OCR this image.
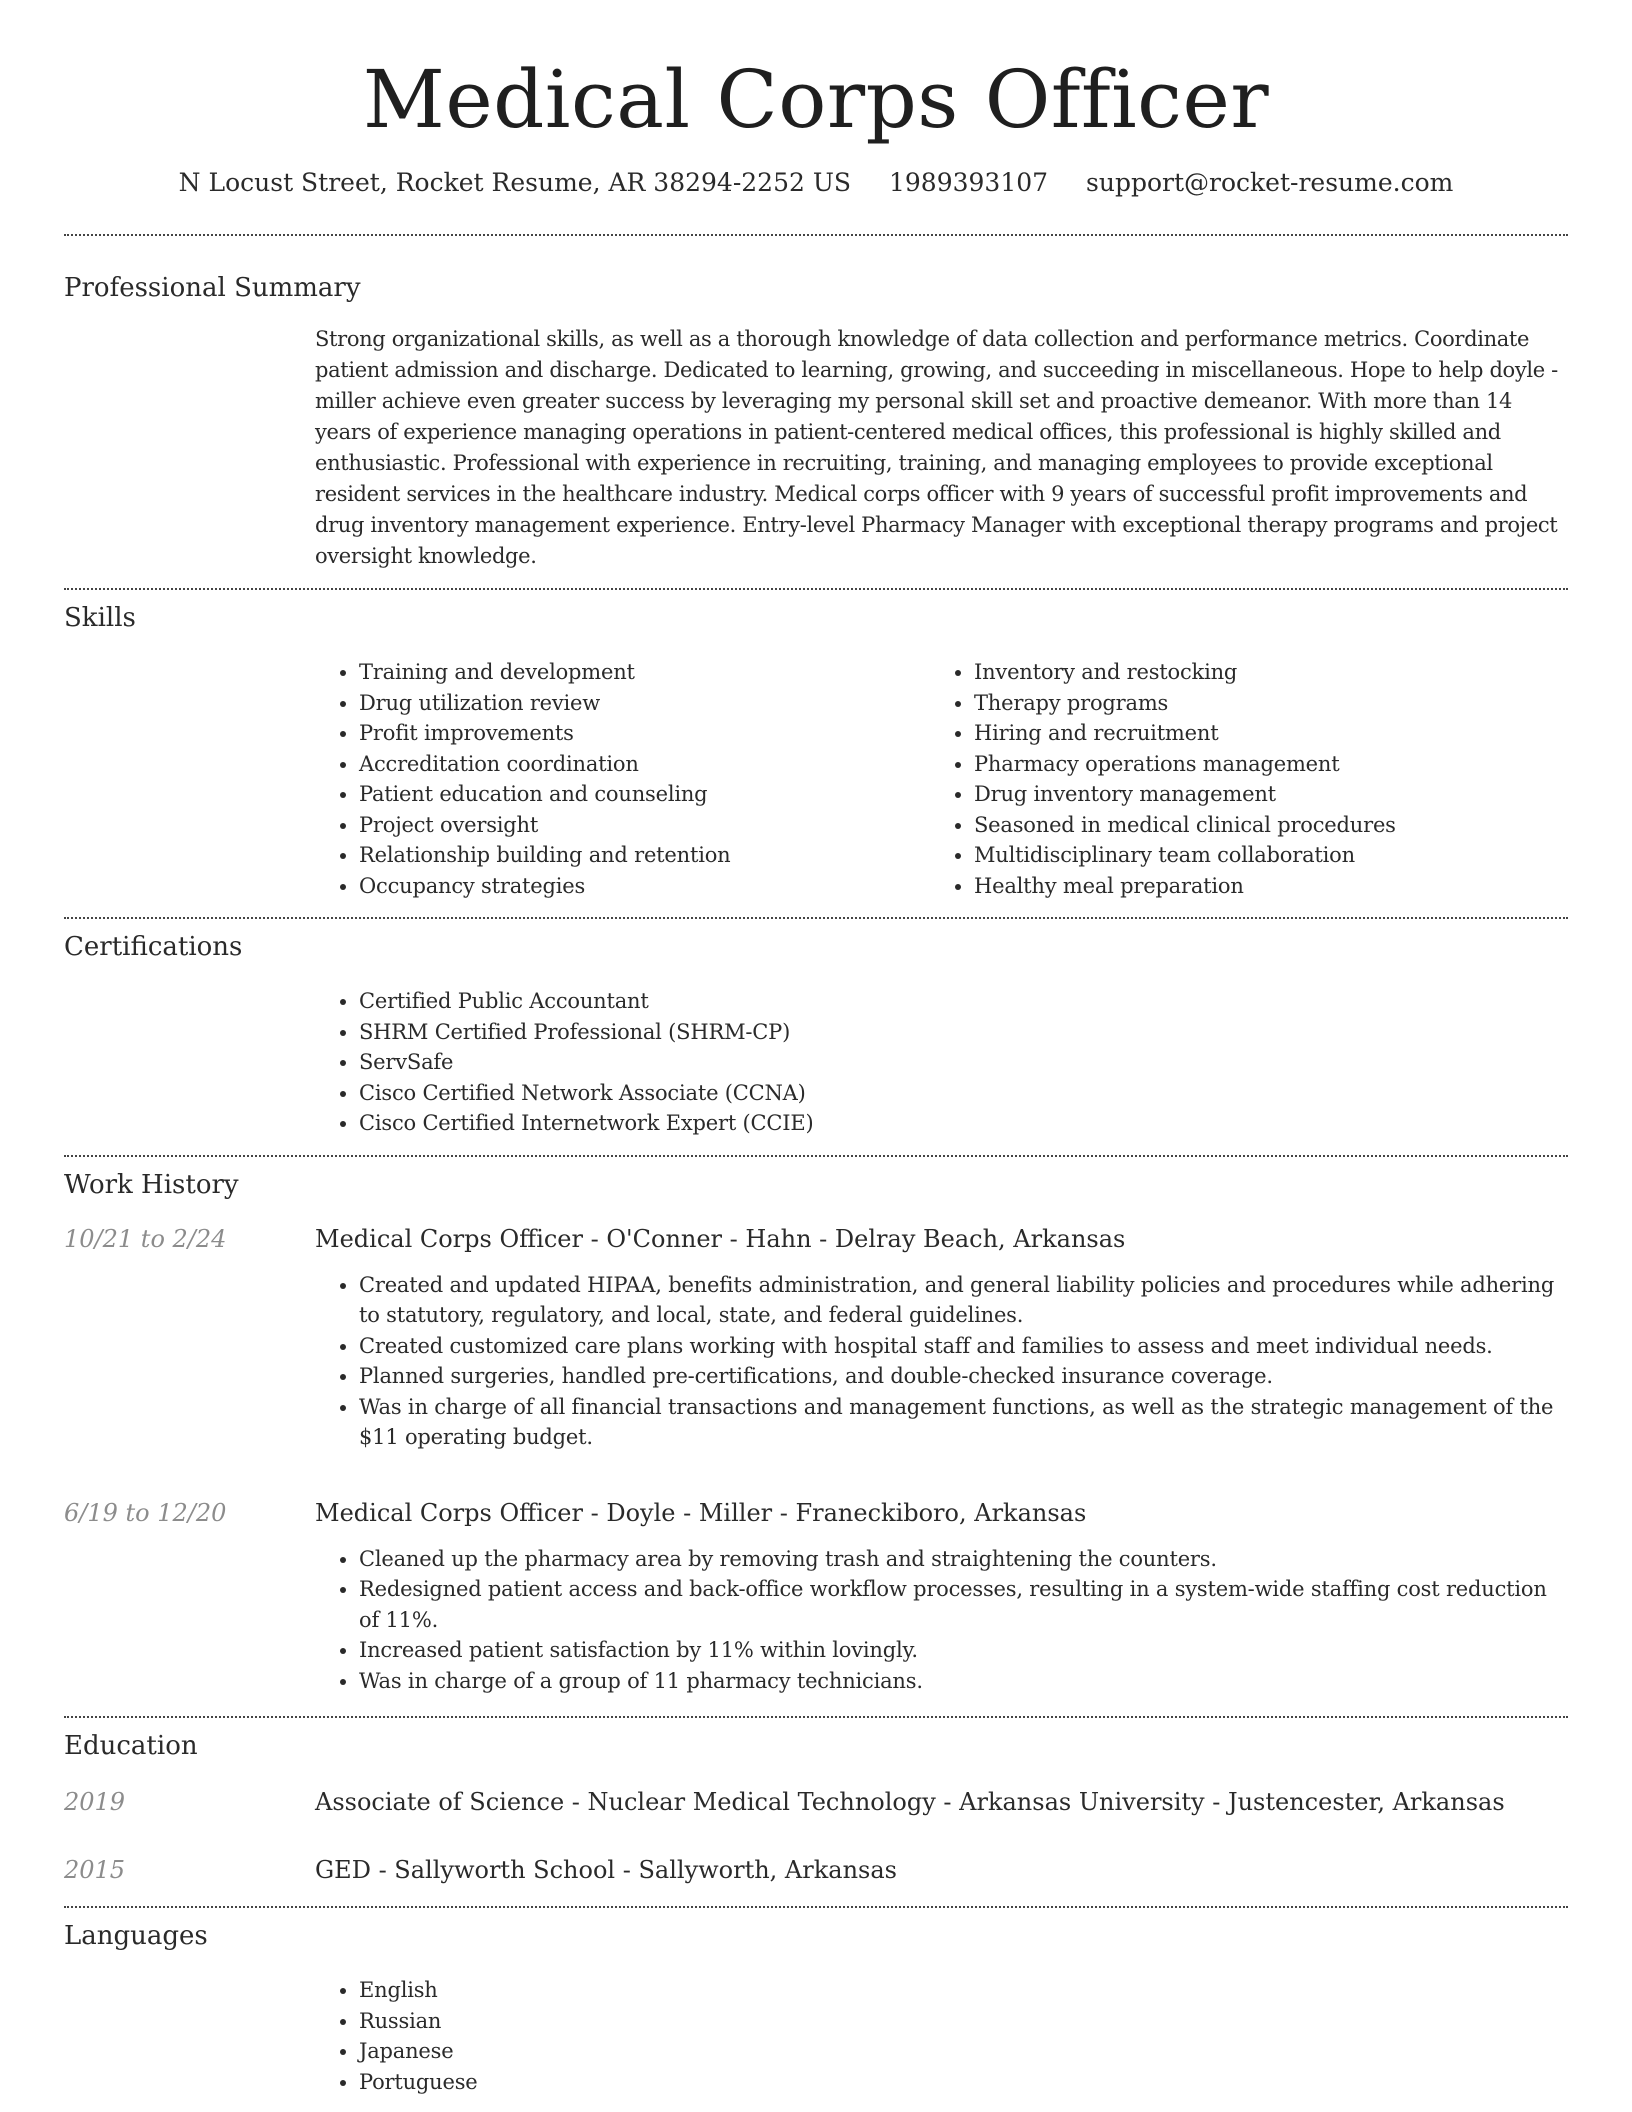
Medical Corps Officer
N Locust Street, Rocket Resume, AR 38294-2252 US 1989393107 support@rocket-resume.com
Professional Summary

Strong organizational skills, as well as a thorough knowledge of data collection and performance metrics. Coordinate patient admission and discharge. Dedicated to learning, growing, and succeeding in miscellaneous. Hope to help doyle - miller achieve even greater success by leveraging my personal skill set and proactive demeanor. With more than 14 years of experience managing operations in patient-centered medical offices, this professional is highly skilled and enthusiastic. Professional with experience in recruiting, training, and managing employees to provide exceptional resident services in the healthcare industry. Medical corps officer with 9 years of successful profit improvements and drug inventory management experience. Entry-level Pharmacy Manager with exceptional therapy programs and project oversight knowledge.

Skills
• Training and development
• Drug utilization review
• Profit improvements
• Accreditation coordination
• Patient education and counseling
• Project oversight
• Relationship building and retention
• Occupancy strategies
• Inventory and restocking
• Therapy programs
• Hiring and recruitment
• Pharmacy operations management
• Drug inventory management
• Seasoned in medical clinical procedures
• Multidisciplinary team collaboration
• Healthy meal preparation
Certifications
• Certified Public Accountant
• SHRM Certified Professional (SHRM-CP)
• ServSafe
• Cisco Certified Network Associate (CCNA)
• Cisco Certified Internetwork Expert (CCIE)
Work History
10/21 to 2/24	Medical Corps Officer - O'Conner - Hahn - Delray Beach, Arkansas
• Created and updated HIPAA, benefits administration, and general liability policies and procedures while adhering to statutory, regulatory, and local, state, and federal guidelines.
• Created customized care plans working with hospital staff and families to assess and meet individual needs.
• Planned surgeries, handled pre-certifications, and double-checked insurance coverage.
• Was in charge of all financial transactions and management functions, as well as the strategic management of the $11 operating budget.
6/19 to 12/20	Medical Corps Officer - Doyle - Miller - Franeckiboro, Arkansas
• Cleaned up the pharmacy area by removing trash and straightening the counters.
• Redesigned patient access and back-office workflow processes, resulting in a system-wide staffing cost reduction of 11%.
• Increased patient satisfaction by 11% within lovingly.
• Was in charge of a group of 11 pharmacy technicians.
Education
2019	Associate of Science - Nuclear Medical Technology - Arkansas University - Justencester, Arkansas
2015	GED - Sallyworth School - Sallyworth, Arkansas
Languages
• English
• Russian
• Japanese
• Portuguese
